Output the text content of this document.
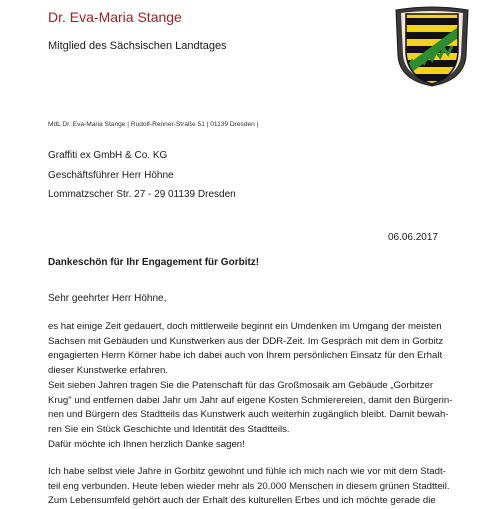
Dr. Eva-Maria Stange
Mitglied des Sächsischen Landtages
MdL Dr. Eva-Maria Stange | Rudolf-Renner-Straße 51 | 01139 Dresden |
Graffiti ex GmbH & Co. KG
Geschäftsführer Herr Höhne
Lommatzscher Str. 27 - 29 01139 Dresden
06.06.2017
Dankeschön für Ihr Engagement für Gorbitz!
Sehr geehrter Herr Höhne,
es hat einige Zeit gedauert, doch mittlerweile beginnt ein Umdenken im Umgang der meisten
Sachsen mit Gebäuden und Kunstwerken aus der DDR-Zeit. Im Gespräch mit dem in Gorbitz
engagierten Herrn Körner habe ich dabei auch von Ihrem persönlichen Einsatz für den Erhalt
dieser Kunstwerke erfahren.
Seit sieben Jahren tragen Sie die Patenschaft für das Großmosaik am Gebäude „Gorbitzer
Krug" und entfernen dabei Jahr um Jahr auf eigene Kosten Schmierereien, damit den Bürgerin-
nen und Bürgern des Stadtteils das Kunstwerk auch weiterhin zugänglich bleibt. Damit bewah-
ren Sie ein Stück Geschichte und Identität des Stadtteils.
Dafür möchte ich Ihnen herzlich Danke sagen!
Ich habe selbst viele Jahre in Gorbitz gewohnt und fühle ich mich nach wie vor mit dem Stadt-
teil eng verbunden. Heute leben wieder mehr als 20.000 Menschen in diesem grünen Stadtteil.
Zum Lebensumfeld gehört auch der Erhalt des kulturellen Erbes und ich möchte gerade die
